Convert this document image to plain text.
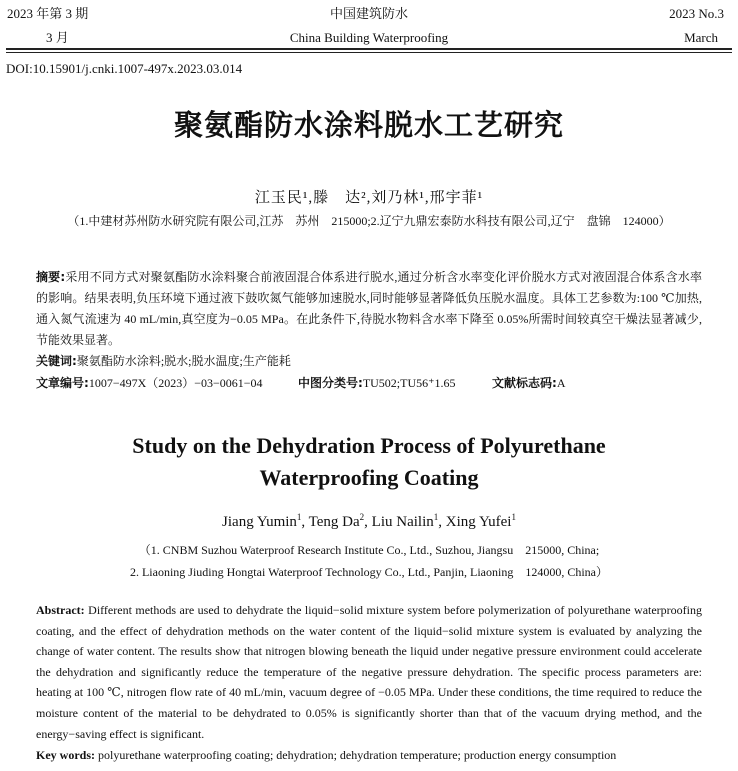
2023 年第 3 期
3 月
中国建筑防水
China Building Waterproofing
2023 No.3
March
DOI:10.15901/j.cnki.1007-497x.2023.03.014
聚氨酯防水涂料脱水工艺研究
江玉民¹,滕　达²,刘乃林¹,邢宇菲¹
（1.中建材苏州防水研究院有限公司,江苏　苏州　215000;2.辽宁九鼎宏泰防水科技有限公司,辽宁　盘锦　124000）
摘要:采用不同方式对聚氨酯防水涂料聚合前液固混合体系进行脱水,通过分析含水率变化评价脱水方式对液固混合体系含水率的影响。结果表明,负压环境下通过液下鼓吹氮气能够加速脱水,同时能够显著降低负压脱水温度。具体工艺参数为:100 ℃加热,通入氮气流速为 40 mL/min,真空度为−0.05 MPa。在此条件下,待脱水物料含水率下降至 0.05%所需时间较真空干燥法显著减少,节能效果显著。
关键词:聚氨酯防水涂料;脱水;脱水温度;生产能耗
文章编号:1007−497X（2023）−03−0061−04	中图分类号:TU502;TU56⁺1.65	文献标志码:A
Study on the Dehydration Process of Polyurethane
Waterproofing Coating
Jiang Yumin$^1$, Teng Da$^2$, Liu Nailin$^1$, Xing Yufei$^1$
（1. CNBM Suzhou Waterproof Research Institute Co., Ltd., Suzhou, Jiangsu　215000, China;
2. Liaoning Jiuding Hongtai Waterproof Technology Co., Ltd., Panjin, Liaoning　124000, China）
Abstract: Different methods are used to dehydrate the liquid−solid mixture system before polymerization of polyurethane waterproofing coating, and the effect of dehydration methods on the water content of the liquid−solid mixture system is evaluated by analyzing the change of water content. The results show that nitrogen blowing beneath the liquid under negative pressure environment could accelerate the dehydration and significantly reduce the temperature of the negative pressure dehydration. The specific process parameters are: heating at 100 ℃, nitrogen flow rate of 40 mL/min, vacuum degree of −0.05 MPa. Under these conditions, the time required to reduce the moisture content of the material to be dehydrated to 0.05% is significantly shorter than that of the vacuum drying method, and the energy−saving effect is significant.
Key words: polyurethane waterproofing coating; dehydration; dehydration temperature; production energy consumption
